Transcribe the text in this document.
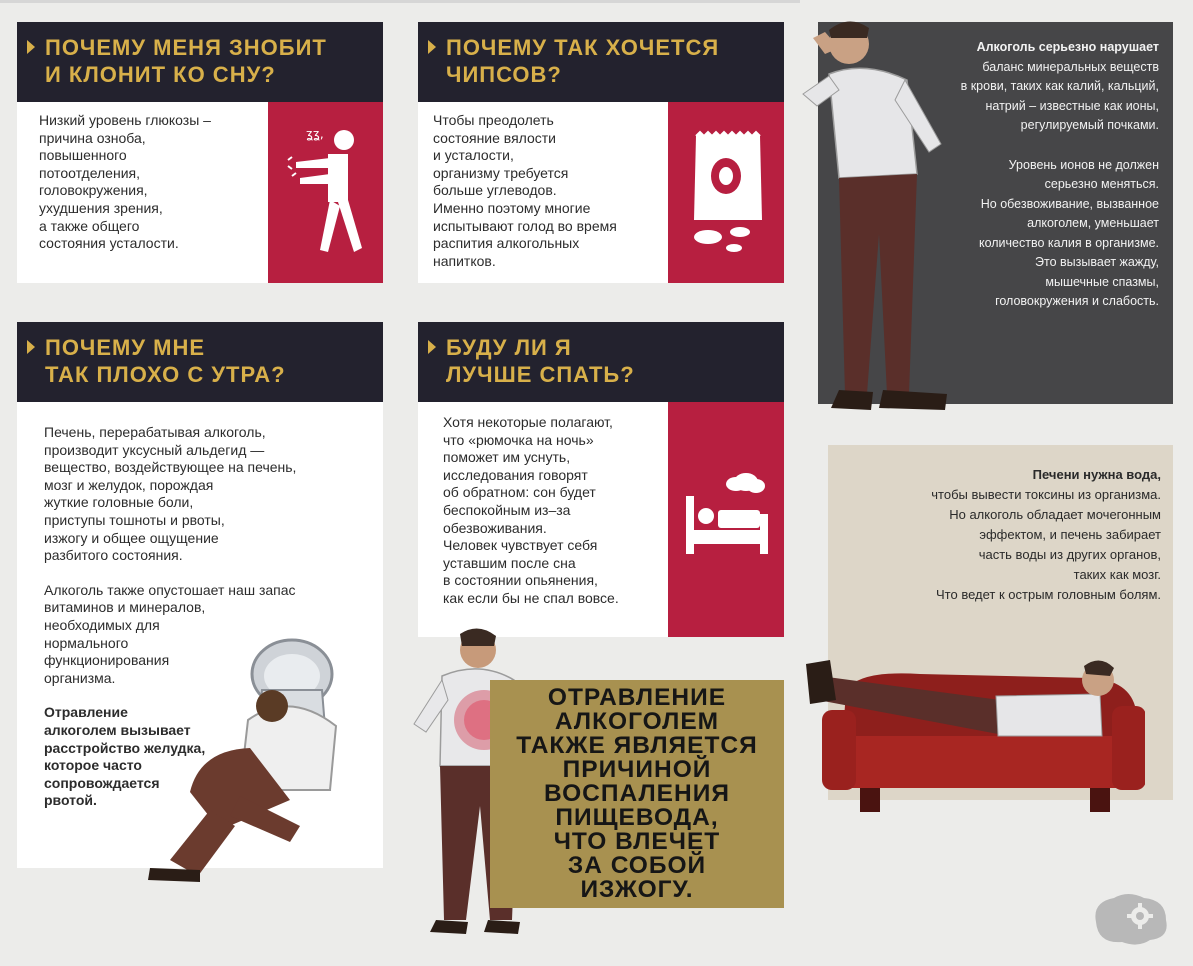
ПОЧЕМУ МЕНЯ ЗНОБИТ
И КЛОНИТ КО СНУ?
Низкий уровень глюкозы –
причина озноба,
повышенного
потоотделения,
головокружения,
ухудшения зрения,
а также общего
состояния усталости.
ʓʓ,
ПОЧЕМУ ТАК ХОЧЕТСЯ
ЧИПСОВ?
Чтобы преодолеть
состояние вялости
и усталости,
организму требуется
больше углеводов.
Именно поэтому многие
испытывают голод во время
распития алкогольных
напитков.
ПОЧЕМУ МНЕ
ТАК ПЛОХО С УТРА?
Печень, перерабатывая алкоголь,
производит уксусный альдегид —
вещество, воздействующее на печень,
мозг и желудок, порождая
жуткие головные боли,
приступы тошноты и рвоты,
изжогу и общее ощущение
разбитого состояния.
Алкоголь также опустошает наш запас
витаминов и минералов,
необходимых для
нормального
функционирования
организма.
Отравление
алкоголем вызывает
расстройство желудка,
которое часто
сопровождается
рвотой.
БУДУ ЛИ Я
ЛУЧШЕ СПАТЬ?
Хотя некоторые полагают,
что «рюмочка на ночь»
поможет им уснуть,
исследования говорят
об обратном: сон будет
беспокойным из–за
обезвоживания.
Человек чувствует себя
уставшим после сна
в состоянии опьянения,
как если бы не спал вовсе.
ОТРАВЛЕНИЕ
АЛКОГОЛЕМ
ТАКЖЕ ЯВЛЯЕТСЯ
ПРИЧИНОЙ
ВОСПАЛЕНИЯ
ПИЩЕВОДА,
ЧТО ВЛЕЧЕТ
ЗА СОБОЙ
ИЗЖОГУ.
Алкоголь серьезно нарушает
баланс минеральных веществ
в крови, таких как калий, кальций,
натрий – известные как ионы,
регулируемый почками.
Уровень ионов не должен
серьезно меняться.
Но обезвоживание, вызванное
алкоголем, уменьшает
количество калия в организме.
Это вызывает жажду,
мышечные спазмы,
головокружения и слабость.
Печени нужна вода,
чтобы вывести токсины из организма.
Но алкоголь обладает мочегонным
эффектом, и печень забирает
часть воды из других органов,
таких как мозг.
Что ведет к острым головным болям.
